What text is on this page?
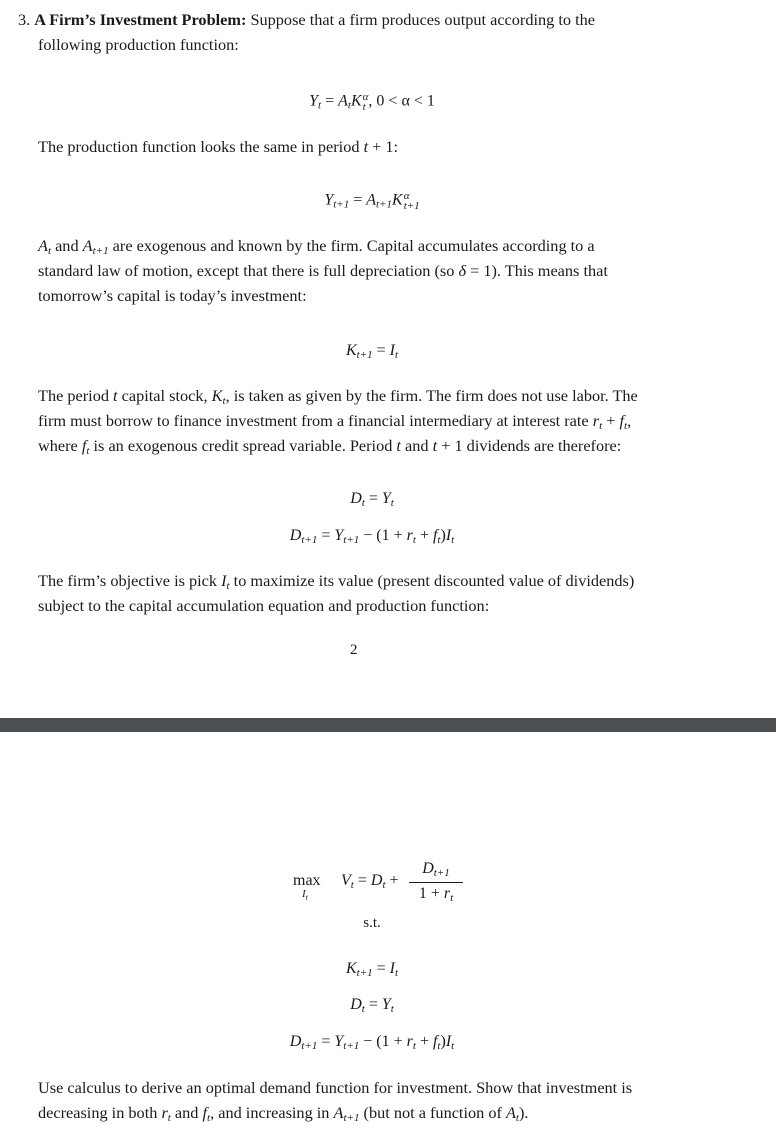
3. A Firm’s Investment Problem: Suppose that a firm produces output according to the
following production function:
$Y_t = A_tK$ α
t , 0 < α < 1
The production function looks the same in period t + 1:
$Y_{t+1} = A_{t+1}K$ α
t+1
$A_t$ and $A_{t+1}$ are exogenous and known by the firm. Capital accumulates according to a
standard law of motion, except that there is full depreciation (so δ = 1). This means that
tomorrow’s capital is today’s investment:
$K_{t+1} = I_t$
The period t capital stock, $K_t$, is taken as given by the firm. The firm does not use labor. The
firm must borrow to finance investment from a financial intermediary at interest rate $r_t + f_t$,
where $f_t$ is an exogenous credit spread variable. Period t and t + 1 dividends are therefore:
$D_t = Y_t$
$D_{t+1} = Y_{t+1} - (1 + r_t + f_t)I_t$
The firm’s objective is pick $I_t$ to maximize its value (present discounted value of dividends)
subject to the capital accumulation equation and production function:
2
max
$I_t$
$V_t = D_t$ +
$D_{t+1}$
$1 + r_t$
s.t.
$K_{t+1} = I_t$
$D_t = Y_t$
$D_{t+1} = Y_{t+1} - (1 + r_t + f_t)I_t$
Use calculus to derive an optimal demand function for investment. Show that investment is
decreasing in both $r_t$ and $f_t$, and increasing in $A_{t+1}$ (but not a function of $A_t$).
